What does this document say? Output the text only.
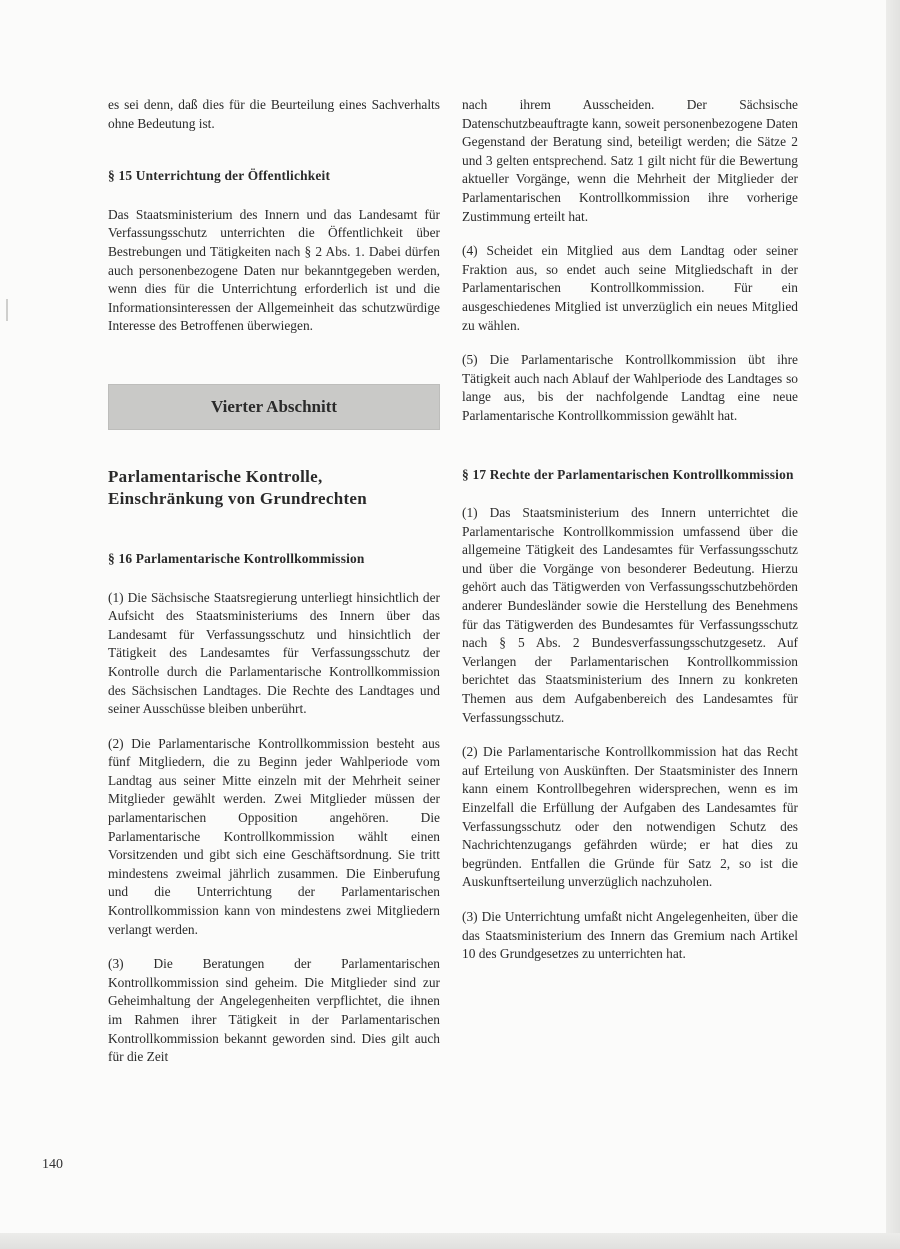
es sei denn, daß dies für die Beurteilung eines Sachverhalts ohne Bedeutung ist.

§ 15 Unterrichtung der Öffentlichkeit

Das Staatsministerium des Innern und das Landesamt für Verfassungsschutz unterrichten die Öffentlichkeit über Bestrebungen und Tätigkeiten nach § 2 Abs. 1. Dabei dürfen auch personenbezogene Daten nur bekanntgegeben werden, wenn dies für die Unterrichtung erforderlich ist und die Informationsinteressen der Allgemeinheit das schutzwürdige Interesse des Betroffenen überwiegen.

Vierter Abschnitt
Parlamentarische Kontrolle, Einschränkung von Grundrechten
§ 16 Parlamentarische Kontrollkommission

(1) Die Sächsische Staatsregierung unterliegt hinsichtlich der Aufsicht des Staatsministeriums des Innern über das Landesamt für Verfassungsschutz und hinsichtlich der Tätigkeit des Landesamtes für Verfassungsschutz der Kontrolle durch die Parlamentarische Kontrollkommission des Sächsischen Landtages. Die Rechte des Landtages und seiner Ausschüsse bleiben unberührt.

(2) Die Parlamentarische Kontrollkommission besteht aus fünf Mitgliedern, die zu Beginn jeder Wahlperiode vom Landtag aus seiner Mitte einzeln mit der Mehrheit seiner Mitglieder gewählt werden. Zwei Mitglieder müssen der parlamentarischen Opposition angehören. Die Parlamentarische Kontrollkommission wählt einen Vorsitzenden und gibt sich eine Geschäftsordnung. Sie tritt mindestens zweimal jährlich zusammen. Die Einberufung und die Unterrichtung der Parlamentarischen Kontrollkommission kann von mindestens zwei Mitgliedern verlangt werden.

(3) Die Beratungen der Parlamentarischen Kontrollkommission sind geheim. Die Mitglieder sind zur Geheimhaltung der Angelegenheiten verpflichtet, die ihnen im Rahmen ihrer Tätigkeit in der Parlamentarischen Kontrollkommission bekannt geworden sind. Dies gilt auch für die Zeit

nach ihrem Ausscheiden. Der Sächsische Datenschutzbeauftragte kann, soweit personenbezogene Daten Gegenstand der Beratung sind, beteiligt werden; die Sätze 2 und 3 gelten entsprechend. Satz 1 gilt nicht für die Bewertung aktueller Vorgänge, wenn die Mehrheit der Mitglieder der Parlamentarischen Kontrollkommission ihre vorherige Zustimmung erteilt hat.

(4) Scheidet ein Mitglied aus dem Landtag oder seiner Fraktion aus, so endet auch seine Mitgliedschaft in der Parlamentarischen Kontrollkommission. Für ein ausgeschiedenes Mitglied ist unverzüglich ein neues Mitglied zu wählen.

(5) Die Parlamentarische Kontrollkommission übt ihre Tätigkeit auch nach Ablauf der Wahlperiode des Landtages so lange aus, bis der nachfolgende Landtag eine neue Parlamentarische Kontrollkommission gewählt hat.

§ 17 Rechte der Parlamentarischen Kontrollkommission

(1) Das Staatsministerium des Innern unterrichtet die Parlamentarische Kontrollkommission umfassend über die allgemeine Tätigkeit des Landesamtes für Verfassungsschutz und über die Vorgänge von besonderer Bedeutung. Hierzu gehört auch das Tätigwerden von Verfassungsschutzbehörden anderer Bundesländer sowie die Herstellung des Benehmens für das Tätigwerden des Bundesamtes für Verfassungsschutz nach § 5 Abs. 2 Bundesverfassungsschutzgesetz. Auf Verlangen der Parlamentarischen Kontrollkommission berichtet das Staatsministerium des Innern zu konkreten Themen aus dem Aufgabenbereich des Landesamtes für Verfassungsschutz.

(2) Die Parlamentarische Kontrollkommission hat das Recht auf Erteilung von Auskünften. Der Staatsminister des Innern kann einem Kontrollbegehren widersprechen, wenn es im Einzelfall die Erfüllung der Aufgaben des Landesamtes für Verfassungsschutz oder den notwendigen Schutz des Nachrichtenzugangs gefährden würde; er hat dies zu begründen. Entfallen die Gründe für Satz 2, so ist die Auskunftserteilung unverzüglich nachzuholen.

(3) Die Unterrichtung umfaßt nicht Angelegenheiten, über die das Staatsministerium des Innern das Gremium nach Artikel 10 des Grundgesetzes zu unterrichten hat.

140
